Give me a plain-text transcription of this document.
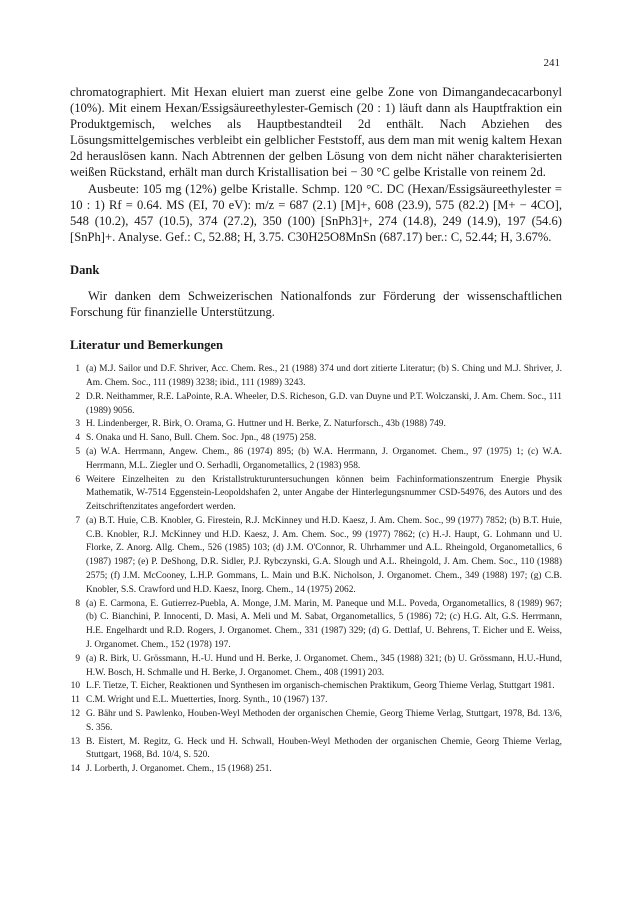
241

chromatographiert. Mit Hexan eluiert man zuerst eine gelbe Zone von Dimangandecacarbonyl (10%). Mit einem Hexan/Essigsäureethylester-Gemisch (20 : 1) läuft dann als Hauptfraktion ein Produktgemisch, welches als Hauptbestandteil 2d enthält. Nach Abziehen des Lösungsmittelgemisches verbleibt ein gelblicher Feststoff, aus dem man mit wenig kaltem Hexan 2d herauslösen kann. Nach Abtrennen der gelben Lösung von dem nicht näher charakterisierten weißen Rückstand, erhält man durch Kristallisation bei − 30 °C gelbe Kristalle von reinem 2d.

Ausbeute: 105 mg (12%) gelbe Kristalle. Schmp. 120 °C. DC (Hexan/Essigsäureethylester = 10 : 1) Rf = 0.64. MS (EI, 70 eV): m/z = 687 (2.1) [M]+, 608 (23.9), 575 (82.2) [M+ − 4CO], 548 (10.2), 457 (10.5), 374 (27.2), 350 (100) [SnPh3]+, 274 (14.8), 249 (14.9), 197 (54.6) [SnPh]+. Analyse. Gef.: C, 52.88; H, 3.75. C30H25O8MnSn (687.17) ber.: C, 52.44; H, 3.67%.

Dank

Wir danken dem Schweizerischen Nationalfonds zur Förderung der wissenschaftlichen Forschung für finanzielle Unterstützung.

Literatur und Bemerkungen
1 (a) M.J. Sailor und D.F. Shriver, Acc. Chem. Res., 21 (1988) 374 und dort zitierte Literatur; (b) S. Ching und M.J. Shriver, J. Am. Chem. Soc., 111 (1989) 3238; ibid., 111 (1989) 3243.
2 D.R. Neithammer, R.E. LaPointe, R.A. Wheeler, D.S. Richeson, G.D. van Duyne und P.T. Wolczanski, J. Am. Chem. Soc., 111 (1989) 9056.
3 H. Lindenberger, R. Birk, O. Orama, G. Huttner und H. Berke, Z. Naturforsch., 43b (1988) 749.
4 S. Onaka und H. Sano, Bull. Chem. Soc. Jpn., 48 (1975) 258.
5 (a) W.A. Herrmann, Angew. Chem., 86 (1974) 895; (b) W.A. Herrmann, J. Organomet. Chem., 97 (1975) 1; (c) W.A. Herrmann, M.L. Ziegler und O. Serhadli, Organometallics, 2 (1983) 958.
6 Weitere Einzelheiten zu den Kristallstrukturuntersuchungen können beim Fachinformationszentrum Energie Physik Mathematik, W-7514 Eggenstein-Leopoldshafen 2, unter Angabe der Hinterlegungsnummer CSD-54976, des Autors und des Zeitschriftenzitates angefordert werden.
7 (a) B.T. Huie, C.B. Knobler, G. Firestein, R.J. McKinney und H.D. Kaesz, J. Am. Chem. Soc., 99 (1977) 7852; (b) B.T. Huie, C.B. Knobler, R.J. McKinney und H.D. Kaesz, J. Am. Chem. Soc., 99 (1977) 7862; (c) H.-J. Haupt, G. Lohmann und U. Florke, Z. Anorg. Allg. Chem., 526 (1985) 103; (d) J.M. O'Connor, R. Uhrhammer und A.L. Rheingold, Organometallics, 6 (1987) 1987; (e) P. DeShong, D.R. Sidler, P.J. Rybczynski, G.A. Slough und A.L. Rheingold, J. Am. Chem. Soc., 110 (1988) 2575; (f) J.M. McCooney, L.H.P. Gommans, L. Main und B.K. Nicholson, J. Organomet. Chem., 349 (1988) 197; (g) C.B. Knobler, S.S. Crawford und H.D. Kaesz, Inorg. Chem., 14 (1975) 2062.
8 (a) E. Carmona, E. Gutierrez-Puebla, A. Monge, J.M. Marin, M. Paneque und M.L. Poveda, Organometallics, 8 (1989) 967; (b) C. Bianchini, P. Innocenti, D. Masi, A. Meli und M. Sabat, Organometallics, 5 (1986) 72; (c) H.G. Alt, G.S. Herrmann, H.E. Engelhardt und R.D. Rogers, J. Organomet. Chem., 331 (1987) 329; (d) G. Dettlaf, U. Behrens, T. Eicher und E. Weiss, J. Organomet. Chem., 152 (1978) 197.
9 (a) R. Birk, U. Grössmann, H.-U. Hund und H. Berke, J. Organomet. Chem., 345 (1988) 321; (b) U. Grössmann, H.U.-Hund, H.W. Bosch, H. Schmalle und H. Berke, J. Organomet. Chem., 408 (1991) 203.
10 L.F. Tietze, T. Eicher, Reaktionen und Synthesen im organisch-chemischen Praktikum, Georg Thieme Verlag, Stuttgart 1981.
11 C.M. Wright und E.L. Muetterties, Inorg. Synth., 10 (1967) 137.
12 G. Bähr und S. Pawlenko, Houben-Weyl Methoden der organischen Chemie, Georg Thieme Verlag, Stuttgart, 1978, Bd. 13/6, S. 356.
13 B. Eistert, M. Regitz, G. Heck und H. Schwall, Houben-Weyl Methoden der organischen Chemie, Georg Thieme Verlag, Stuttgart, 1968, Bd. 10/4, S. 520.
14 J. Lorberth, J. Organomet. Chem., 15 (1968) 251.
